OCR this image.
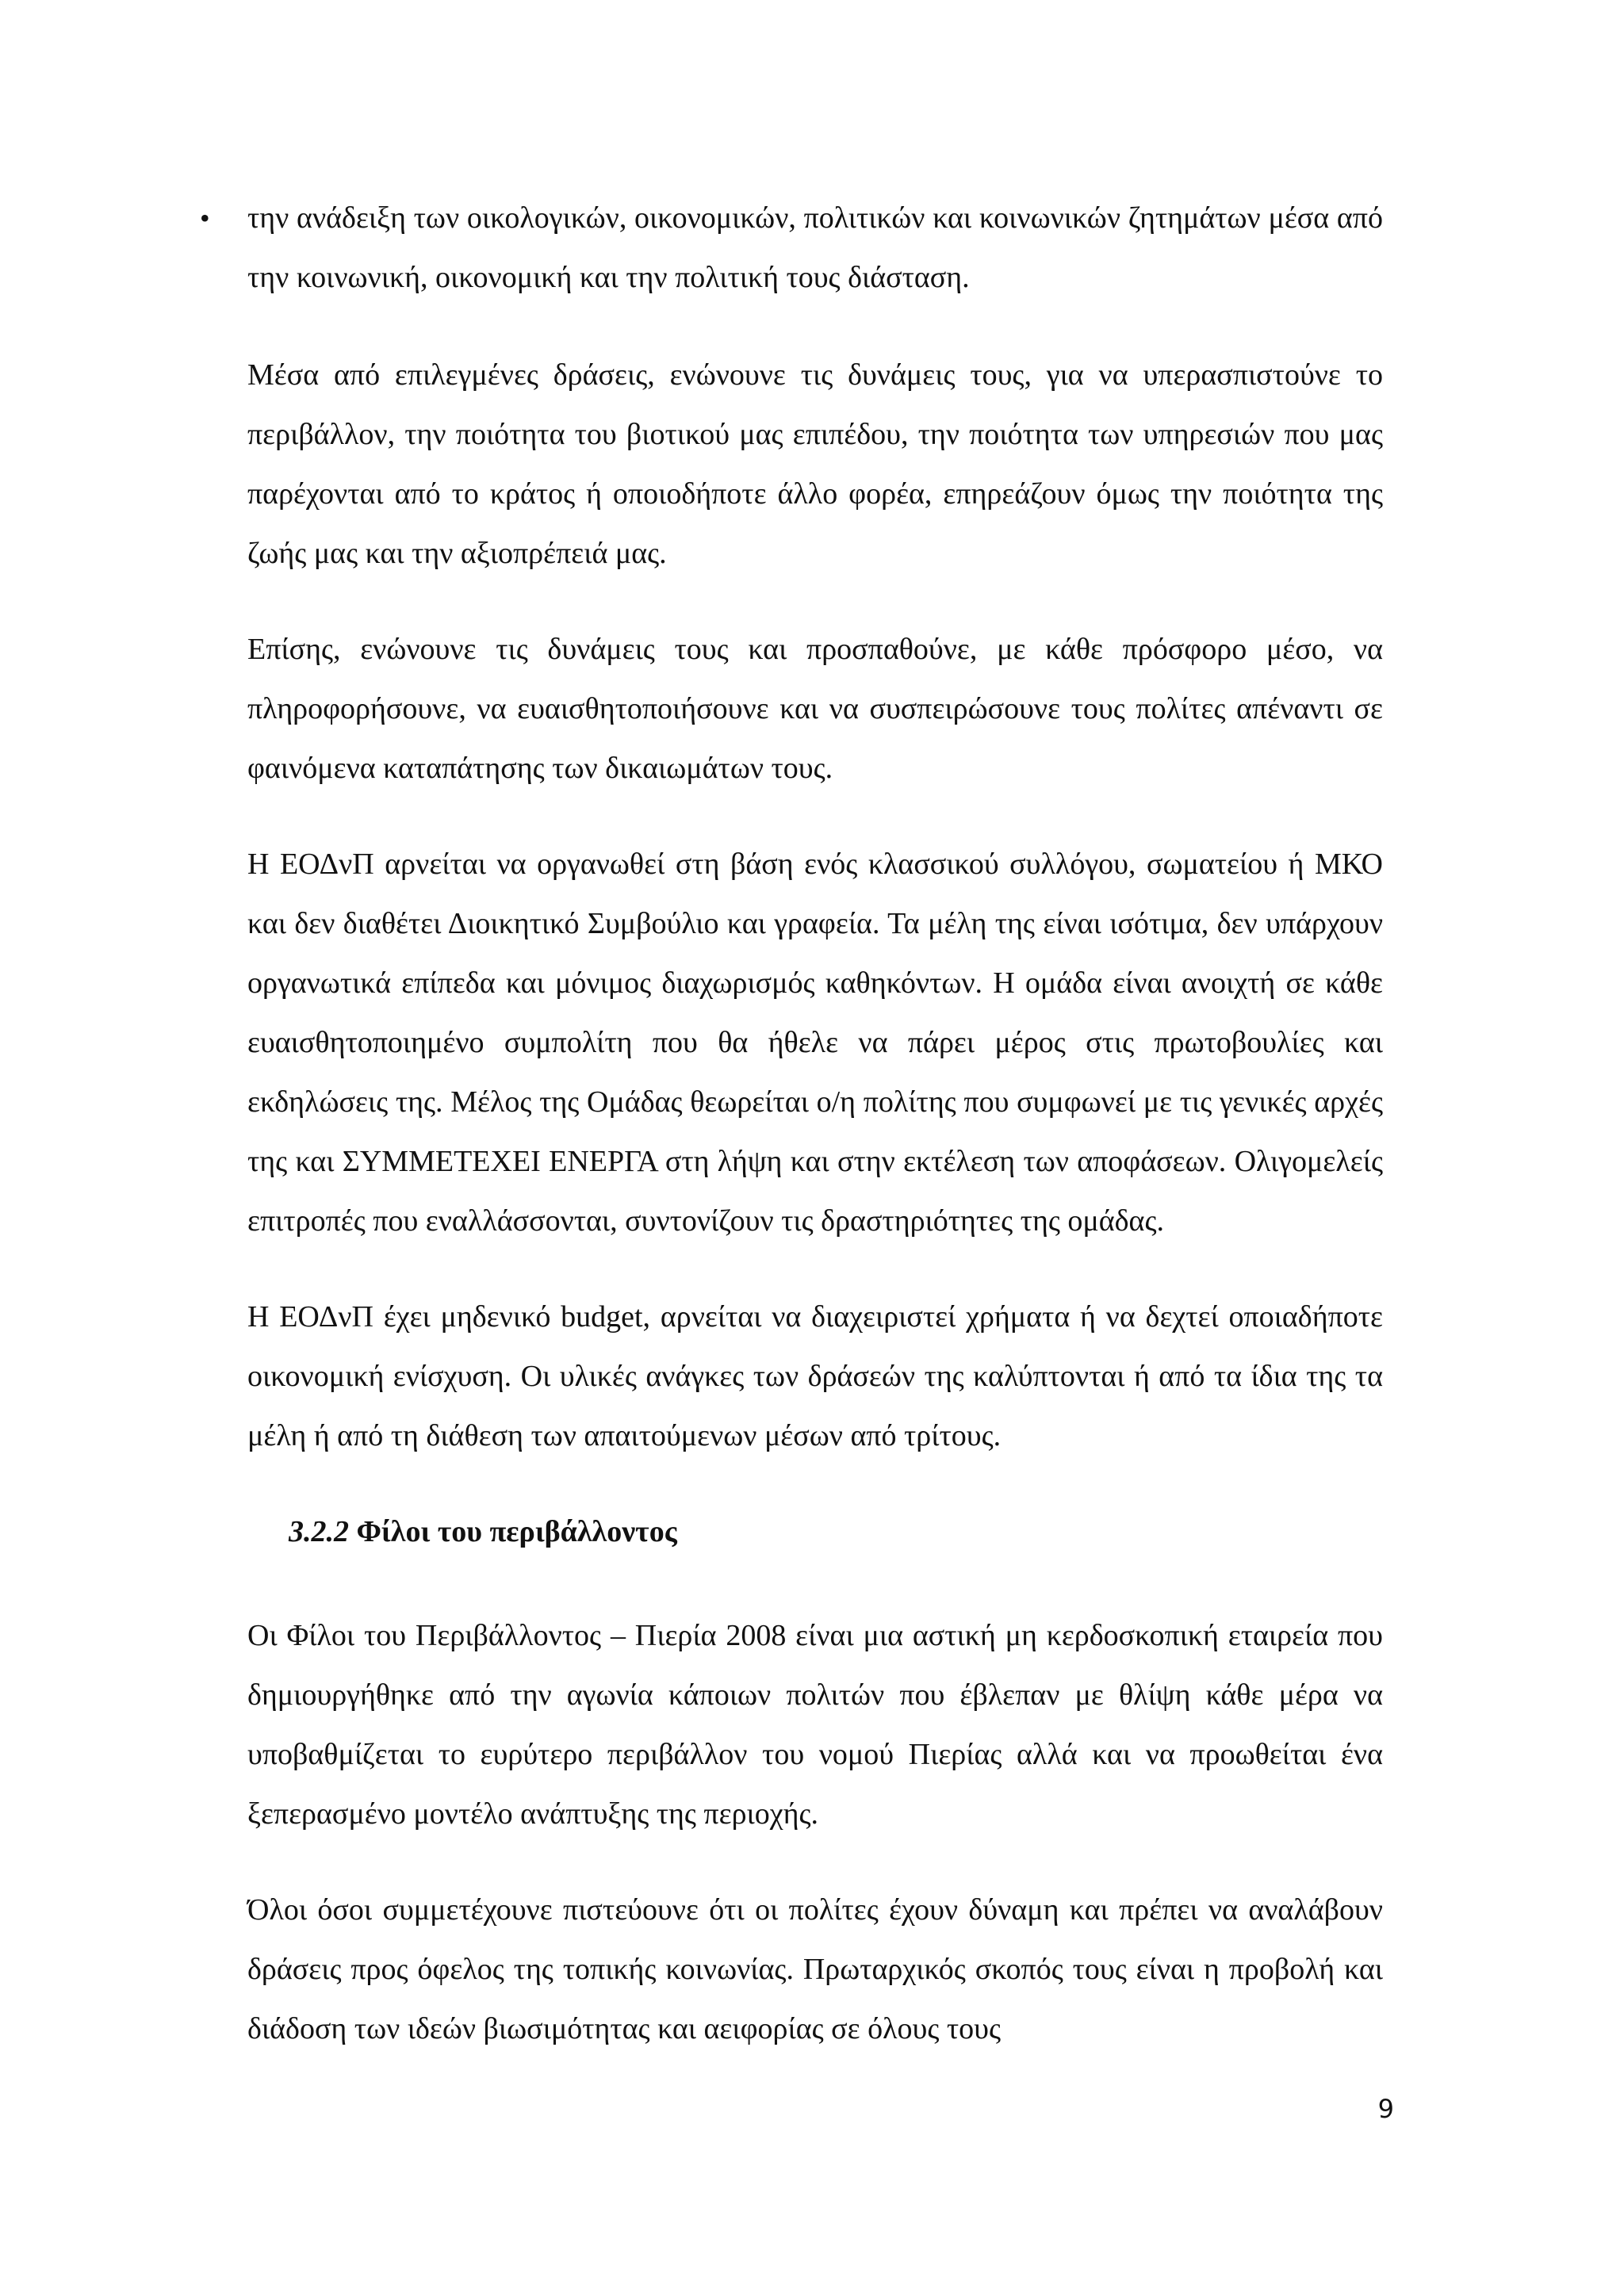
• την ανάδειξη των οικολογικών, οικονομικών, πολιτικών και κοινωνικών ζητημάτων μέσα από την κοινωνική, οικονομική και την πολιτική τους διάσταση.

Μέσα από επιλεγμένες δράσεις, ενώνουνε τις δυνάμεις τους, για να υπερασπιστούνε το περιβάλλον, την ποιότητα του βιοτικού μας επιπέδου, την ποιότητα των υπηρεσιών που μας παρέχονται από το κράτος ή οποιοδήποτε άλλο φορέα, επηρεάζουν όμως την ποιότητα της ζωής μας και την αξιοπρέπειά μας.

Επίσης, ενώνουνε τις δυνάμεις τους και προσπαθούνε, με κάθε πρόσφορο μέσο, να πληροφορήσουνε, να ευαισθητοποιήσουνε και να συσπειρώσουνε τους πολίτες απέναντι σε φαινόμενα καταπάτησης των δικαιωμάτων τους.

Η ΕΟΔνΠ αρνείται να οργανωθεί στη βάση ενός κλασσικού συλλόγου, σωματείου ή ΜΚΟ και δεν διαθέτει Διοικητικό Συμβούλιο και γραφεία. Τα μέλη της είναι ισότιμα, δεν υπάρχουν οργανωτικά επίπεδα και μόνιμος διαχωρισμός καθηκόντων. Η ομάδα είναι ανοιχτή σε κάθε ευαισθητοποιημένο συμπολίτη που θα ήθελε να πάρει μέρος στις πρωτοβουλίες και εκδηλώσεις της. Μέλος της Ομάδας θεωρείται ο/η πολίτης που συμφωνεί με τις γενικές αρχές της και ΣΥΜΜΕΤΕΧΕΙ ΕΝΕΡΓΑ στη λήψη και στην εκτέλεση των αποφάσεων. Ολιγομελείς επιτροπές που εναλλάσσονται, συντονίζουν τις δραστηριότητες της ομάδας.

Η ΕΟΔνΠ έχει μηδενικό budget, αρνείται να διαχειριστεί χρήματα ή να δεχτεί οποιαδήποτε οικονομική ενίσχυση. Οι υλικές ανάγκες των δράσεών της καλύπτονται ή από τα ίδια της τα μέλη ή από τη διάθεση των απαιτούμενων μέσων από τρίτους.

3.2.2 Φίλοι του περιβάλλοντος

Οι Φίλοι του Περιβάλλοντος – Πιερία 2008 είναι μια αστική μη κερδοσκοπική εταιρεία που δημιουργήθηκε από την αγωνία κάποιων πολιτών που έβλεπαν με θλίψη κάθε μέρα να υποβαθμίζεται το ευρύτερο περιβάλλον του νομού Πιερίας αλλά και να προωθείται ένα ξεπερασμένο μοντέλο ανάπτυξης της περιοχής.

Όλοι όσοι συμμετέχουνε πιστεύουνε ότι οι πολίτες έχουν δύναμη και πρέπει να αναλάβουν δράσεις προς όφελος της τοπικής κοινωνίας. Πρωταρχικός σκοπός τους είναι η προβολή και διάδοση των ιδεών βιωσιμότητας και αειφορίας σε όλους τους

9
